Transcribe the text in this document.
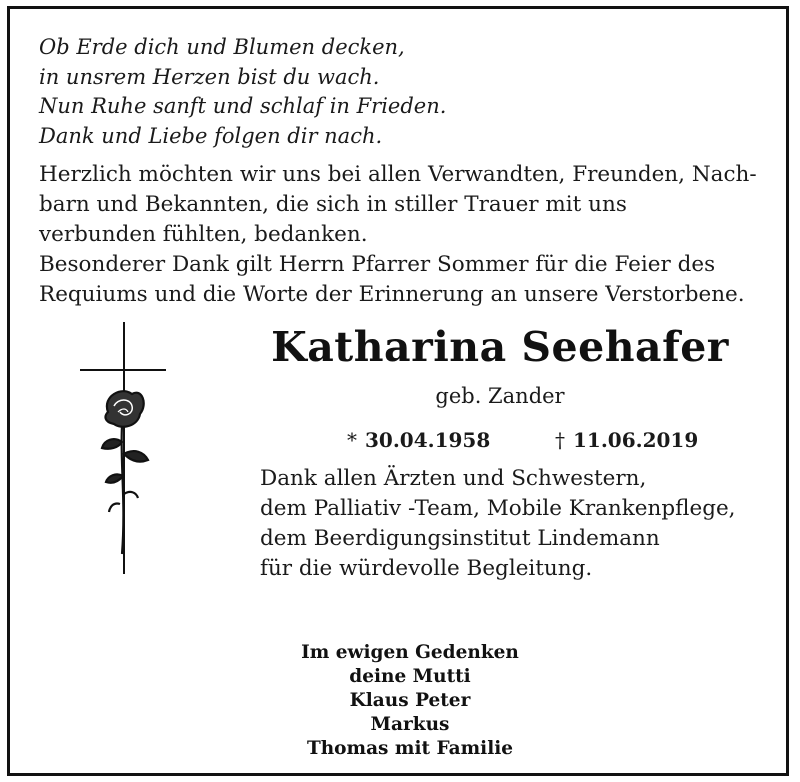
Ob Erde dich und Blumen decken,
in unsrem Herzen bist du wach.
Nun Ruhe sanft und schlaf in Frieden.
Dank und Liebe folgen dir nach.
Herzlich möchten wir uns bei allen Verwandten, Freunden, Nach-
barn und Bekannten, die sich in stiller Trauer mit uns
verbunden fühlten, bedanken.
Besonderer Dank gilt Herrn Pfarrer Sommer für die Feier des
Requiums und die Worte der Erinnerung an unsere Verstorbene.
Katharina Seehafer
geb. Zander
* 30.04.1958	† 11.06.2019
Dank allen Ärzten und Schwestern,
dem Palliativ -Team, Mobile Krankenpflege,
dem Beerdigungsinstitut Lindemann
für die würdevolle Begleitung.
Im ewigen Gedenken
deine Mutti
Klaus Peter
Markus
Thomas mit Familie
